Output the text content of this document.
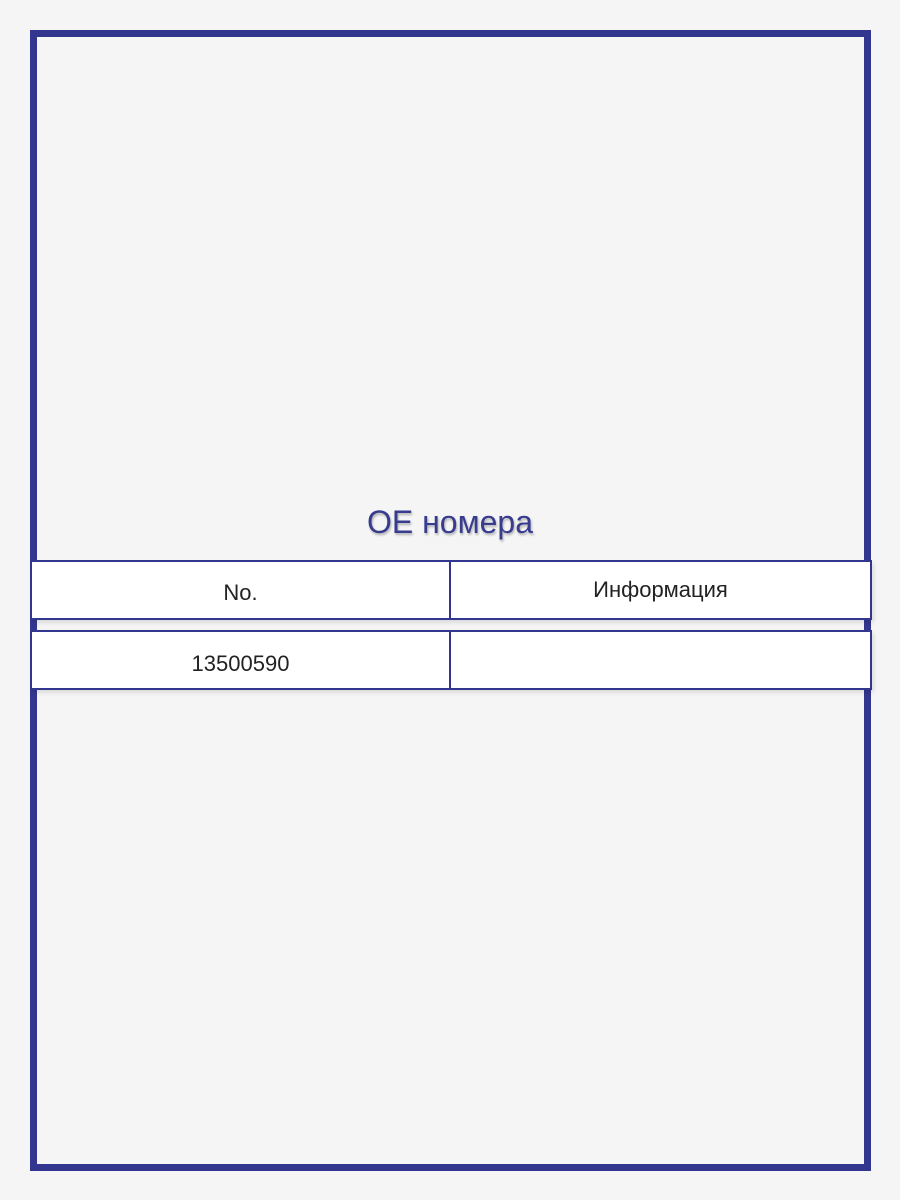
OE номера
No.	Информация
13500590
